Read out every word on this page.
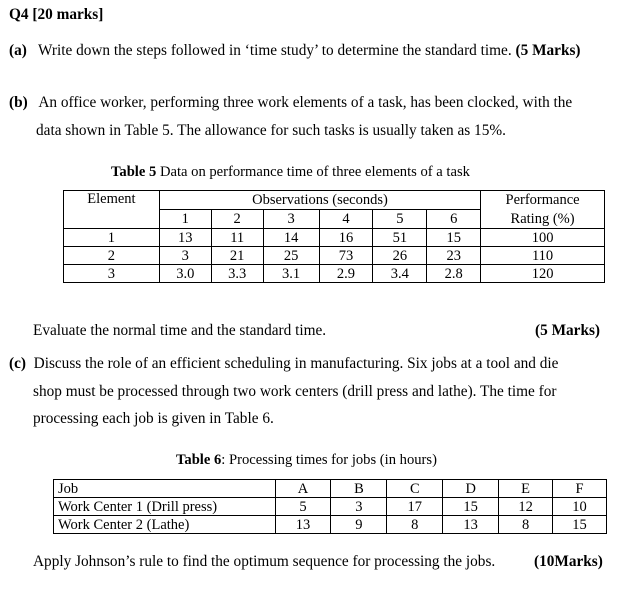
Q4 [20 marks]
(a) Write down the steps followed in ‘time study’ to determine the standard time. (5 Marks)
(b) An office worker, performing three work elements of a task, has been clocked, with the
data shown in Table 5. The allowance for such tasks is usually taken as 15%.
Table 5 Data on performance time of three elements of a task
Element	Observations (seconds)						Performance
	1	2	3	4	5	6	Rating (%)
1	13	11	14	16	51	15	100
2	3	21	25	73	26	23	110
3	3.0	3.3	3.1	2.9	3.4	2.8	120
Evaluate the normal time and the standard time.	(5 Marks)
(c) Discuss the role of an efficient scheduling in manufacturing. Six jobs at a tool and die
shop must be processed through two work centers (drill press and lathe). The time for
processing each job is given in Table 6.
Table 6: Processing times for jobs (in hours)
Job	A	B	C	D	E	F
Work Center 1 (Drill press)	5	3	17	15	12	10
Work Center 2 (Lathe)	13	9	8	13	8	15
Apply Johnson’s rule to find the optimum sequence for processing the jobs.	(10Marks)
